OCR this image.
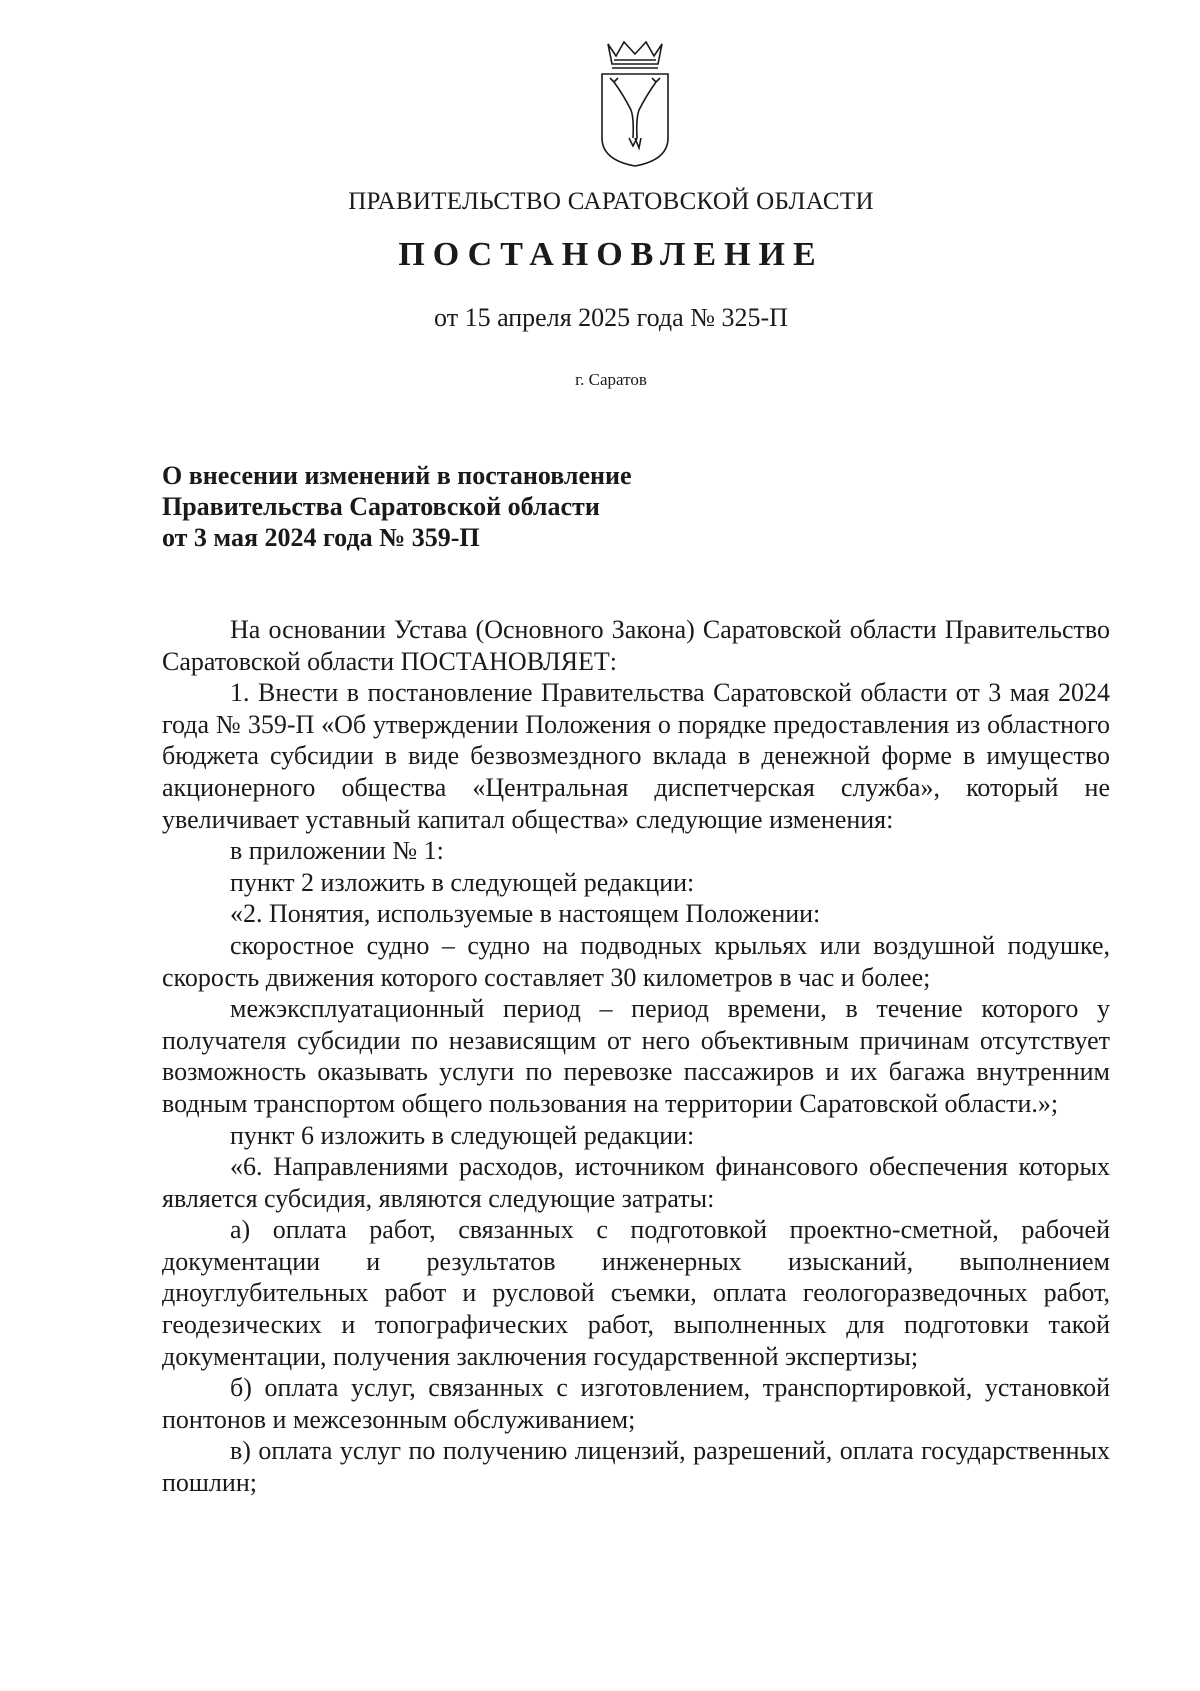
ПРАВИТЕЛЬСТВО САРАТОВСКОЙ ОБЛАСТИ
ПОСТАНОВЛЕНИЕ
от 15 апреля 2025 года № 325-П
г. Саратов
О внесении изменений в постановление
Правительства Саратовской области
от 3 мая 2024 года № 359-П

На основании Устава (Основного Закона) Саратовской области Правительство Саратовской области ПОСТАНОВЛЯЕТ:

1. Внести в постановление Правительства Саратовской области от 3 мая 2024 года № 359-П «Об утверждении Положения о порядке предоставления из областного бюджета субсидии в виде безвозмездного вклада в денежной форме в имущество акционерного общества «Центральная диспетчерская служба», который не увеличивает уставный капитал общества» следующие изменения:

в приложении № 1:

пункт 2 изложить в следующей редакции:

«2. Понятия, используемые в настоящем Положении:

скоростное судно – судно на подводных крыльях или воздушной подушке, скорость движения которого составляет 30 километров в час и более;

межэксплуатационный период – период времени, в течение которого у получателя субсидии по независящим от него объективным причинам отсутствует возможность оказывать услуги по перевозке пассажиров и их багажа внутренним водным транспортом общего пользования на территории Саратовской области.»;

пункт 6 изложить в следующей редакции:

«6. Направлениями расходов, источником финансового обеспечения которых является субсидия, являются следующие затраты:

а) оплата работ, связанных с подготовкой проектно-сметной, рабочей документации и результатов инженерных изысканий, выполнением дноуглубительных работ и русловой съемки, оплата геологоразведочных работ, геодезических и топографических работ, выполненных для подготовки такой документации, получения заключения государственной экспертизы;

б) оплата услуг, связанных с изготовлением, транспортировкой, установкой понтонов и межсезонным обслуживанием;

в) оплата услуг по получению лицензий, разрешений, оплата государственных пошлин;
